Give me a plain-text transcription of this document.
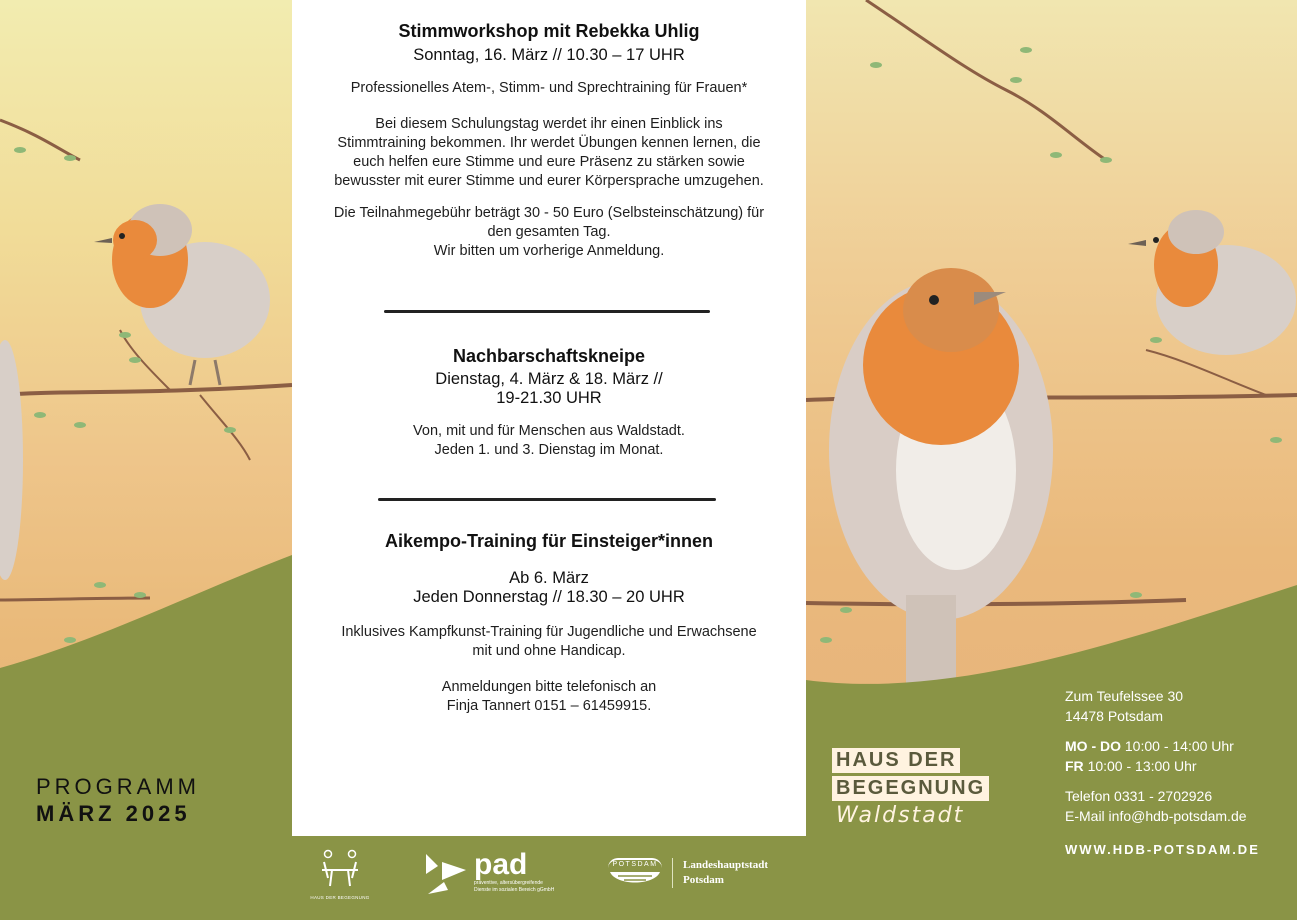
PROGRAMM
MÄRZ 2025
HAUS DER
BEGEGNUNG
Waldstadt
Zum Teufelssee 30
14478 Potsdam
MO - DO 10:00 - 14:00 Uhr
FR 10:00 - 13:00 Uhr
Telefon 0331 - 2702926
E-Mail info@hdb-potsdam.de
WWW.HDB-POTSDAM.DE
Stimmworkshop mit Rebekka Uhlig
Sonntag, 16. März // 10.30 – 17 UHR
Professionelles Atem-, Stimm- und Sprechtraining für Frauen*
Bei diesem Schulungstag werdet ihr einen Einblick ins
Stimmtraining bekommen. Ihr werdet Übungen kennen lernen, die
euch helfen eure Stimme und eure Präsenz zu stärken sowie
bewusster mit eurer Stimme und eurer Körpersprache umzugehen.
Die Teilnahmegebühr beträgt 30 - 50 Euro (Selbsteinschätzung) für
den gesamten Tag.
Wir bitten um vorherige Anmeldung.
Nachbarschaftskneipe
Dienstag, 4. März & 18. März //
19-21.30 UHR
Von, mit und für Menschen aus Waldstadt.
Jeden 1. und 3. Dienstag im Monat.
Aikempo-Training für Einsteiger*innen
Ab 6. März
Jeden Donnerstag // 18.30 – 20 UHR
Inklusives Kampfkunst-Training für Jugendliche und Erwachsene
mit und ohne Handicap.
Anmeldungen bitte telefonisch an
Finja Tannert 0151 – 61459915.
HAUS DER BEGEGNUNG
pad
präventive, altersübergreifende
Dienste im sozialen Bereich gGmbH
POTSDAM	Landeshauptstadt
Potsdam
